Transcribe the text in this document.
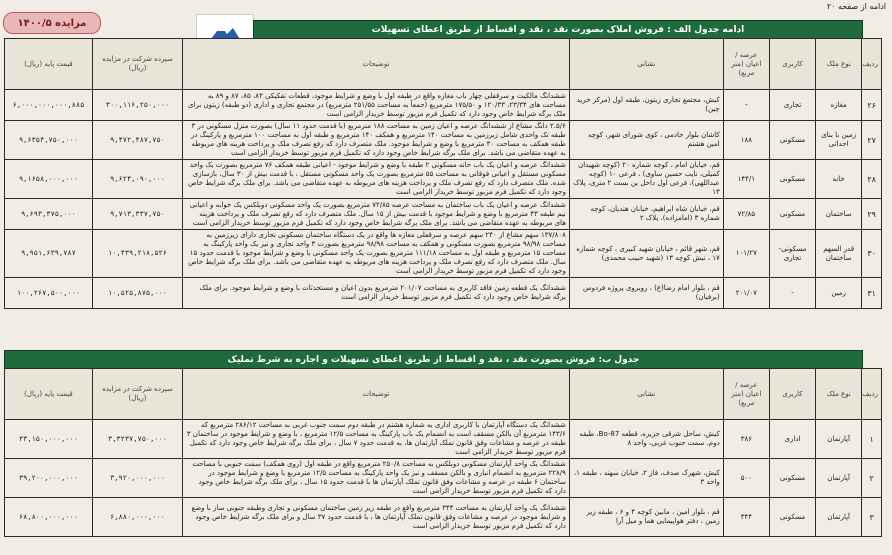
ادامه از صفحه ۲۰
مزایده ۱۴۰۰/۵
ادامه جدول الف : فروش املاک بصورت نقد ، نقد و اقساط از طریق اعطای تسهیلات
ردیف	نوع ملک	کاربری	عرصه / اعیان (متر مربع)	نشانی	توضیحات	سپرده شرکت در مزایده (ریال)	قیمت پایه (ریال)
۲۶	مغازه	تجاری	-	کیش، مجتمع تجاری زیتون، طبقه اول (مرکز خرید چین)	ششدانگ مالکیت و سرقفلی چهار باب مغازه واقع در طبقه اول با وضع و شرایط موجود، قطعات تفکیکی ۸۳، ۸۵، ۸۷ و ۸۹ به مساحت های ۲۳/۳۴، ۱۲۰/۳۳ و ۱۷۵/۵۰ مترمربع (جمعاً به مساحت ۲۵۱/۵۵ مترمربع) در مجتمع تجاری و اداری (دو طبقه) زیتون برای ملک برگه شرایط خاص وجود دارد که تکمیل فرم مزبور توسط خریدار الزامی است	۳۰۰,۱۱۶,۲۵۰,۰۰۰	۶,۰۰۰,۰۰۰,۰۰۰,۸۸۵
۲۷	زمین با بنای احداثی	مسکونی	۱۸۸	کاشان بلوار خادمی ، کوی شورای شهر، کوچه امین هشتم	۲.۵/۶ دانگ مشاع از ششدانگ عرصه و اعیان زمین به مساحت ۱۸۸ مترمربع (با قدمت حدود ۱۱ سال) بصورت منزل مسکونی در ۳ طبقه تک واحدی شامل زیرزمین به مساحت ۱۴۰ مترمربع و همکف ۱۴۰ مترمربع و طبقه اول به مساحت ۱۰۰ مترمربع و پارکینگ در طبقه همکف به مساحت ۳۰ مترمربع با وضع و شرایط موجود. ملک متصرف دارد که رفع تصرف ملک و پرداخت هزینه های مربوطه به عهده متقاضی می باشد. برای ملک برگه شرایط خاص وجود دارد که تکمیل فرم مزبور توسط خریدار الزامی است	۹,۴۷۲,۴۸۷,۷۵۰	۹,۶۳۵۴,۷۵۰,۰۰۰
۲۸	خانه	مسکونی	۱۴۴/۱	قم، خیابان امام ، کوچه شماره ۲۰ (کوچه شهیدان کمیلی، نایب حسین ساوی) ، فرعی ۱۰ (کوچه عبداللهی)، فرعی اول داخل بن بست ۲ متری، پلاک ۱۳	ششدانگ عرصه و اعیان یک باب خانه مسکونی ۲ طبقه با وضع و شرایط موجود - اعیانی طبقه همکف ۷۶ مترمربع بصورت یک واحد مسکونی مستقل و اعیانی فوقانی به مساحت ۵۵ مترمربع بصورت یک واحد مسکونی مستقل ، با قدمت بیش از ۳۰ سال، بازسازی شده. ملک متصرف دارد که رفع تصرف ملک و پرداخت هزینه های مربوطه به عهده متقاضی می باشد. برای ملک برگه شرایط خاص وجود دارد که تکمیل فرم مزبور توسط خریدار الزامی است	۹,۶۲۴,۰۹۰,۰۰۰	۹,۱۶۵۸,۰۰۰,۰۰۰
۲۹	ساختمان	مسکونی	۷۲/۸۵	قم، خیابان شاه ابراهیم، خیابان هندیان، کوچه شماره ۳ (امامزاده)، پلاک ۲	ششدانگ عرصه و اعیان یک باب ساختمان به مساحت عرصه ۷۲/۸۵ مترمربع بصورت یک واحد مسکونی دوبلکس یک خوابه و اعیانی نیم طبقه ۴۳ مترمربع با وضع و شرایط موجود با قدمت بیش از ۱۵ سال. ملک متصرف دارد که رفع تصرف ملک و پرداخت هزینه های مربوطه به عهده متقاضی می باشد. برای ملک برگه شرایط خاص وجود دارد که تکمیل فرم مزبور توسط خریدار الزامی است	۹,۷۱۳,۳۳۷,۷۵۰	۹,۶۹۳,۳۷۵,۰۰۰
۳۰	قدر السهم ساختمان	مسکونی-تجاری	۱۰۱/۲۷	قم، شهر قائم ، خیابان شهید کبیری ، کوچه شماره ۱۷ ، نبش کوچه ۱۳ (شهید حبیب محمدی)	۱۳۷/۸۰۸ سهم مشاع از ۲۴۰ سهم عرصه و سرقفلی مغازه ها واقع در یک دستگاه ساختمان مسکونی تجاری دارای زیرزمین به مساحت ۹۸/۹۸ مترمربع بصورت مسکونی و همکف به مساحت ۹۸/۹۸ مترمربع بصورت ۳ واحد تجاری و نیز یک واحد پارکینگ به مساحت ۱۵ مترمربع و طبقه اول به مساحت ۱۱۱/۱۸ مترمربع بصورت یک واحد مسکونی با وضع و شرایط موجود با قدمت حدود ۱۵ سال. ملک متصرف دارد که رفع تصرف ملک و پرداخت هزینه های مربوطه به عهده متقاضی می باشد. برای ملک برگه شرایط خاص وجود دارد که تکمیل فرم مزبور توسط خریدار الزامی است	۱۰,۴۳۹,۲۱۸,۵۲۶	۹,۹۵۱,۶۳۹,۷۸۷
۳۱	زمین	-	۲۰۱/۰۷	قم ، بلوار امام رضا(ع) ، روبروی پروژه فردوس (برفیان)	ششدانگ یک قطعه زمین فاقد کاربری به مساحت ۲۰۱/۰۷ مترمربع بدون اعیان و مستحدثات با وضع و شرایط موجود. برای ملک برگه شرایط خاص وجود دارد که تکمیل فرم مزبور توسط خریدار الزامی است	۱۰,۵۲۵,۸۷۵,۰۰۰	۱۰۰,۲۶۷,۵۰۰,۰۰۰
جدول ب: فروش بصورت نقد ، نقد و اقساط از طریق اعطای تسهیلات و اجاره به شرط تملیک
ردیف	نوع ملک	کاربری	عرصه / اعیان (متر مربع)	نشانی	توضیحات	سپرده شرکت در مزایده (ریال)	قیمت پایه (ریال)
۱	آپارتمان	اداری	۳۸۶	کیش، ساحل شرقی جزیره، قطعه Bo-87، طبقه دوم، سمت جنوب غربی، واحد ۸	ششدانگ یک دستگاه آپارتمان با کاربری اداری به شماره هشتم در طبقه دوم سمت جنوب غربی به مساحت ۲۸۶/۱۲ مترمربع که ۱۴۳/۶ مترمربع آن بالکن مسقف است به انضمام یک باب پارکینگ به مساحت ۱۲/۵ مترمربع ، با وضع و شرایط موجود در ساختمان ۳ طبقه در عرصه و مشاعات وفق قانون تملک آپارتمان ها، به قدمت حدود ۷ سال ، برای ملک برگه شرایط خاص وجود دارد که تکمیل فرم مزبور توسط خریدار الزامی است	۳,۳۲۳۷,۷۵۰,۰۰۰	۳۳,۱۵۰,۰۰۰,۰۰۰
۲	آپارتمان	مسکونی	۵۰۰	کیش، شهرک صدف، فاز ۲، خیابان سهند ، طبقه ۱، واحد ۳	ششدانگ یک واحد آپارتمان مسکونی دوبلکس به مساحت ۲۵۰/۸ مترمربع واقع در طبقه اول (روی همکف) سمت جنوبی با مساحت ۲۲۸/۹ مترمربع به انضمام انباری و بالکن مسقف و نیز یک واحد پارکینگ به مساحت ۱۲/۵ مترمربع با وضع و شرایط موجود در ساختمان ۶ طبقه در عرصه و مشاعات وفق قانون تملک آپارتمان ها با قدمت حدود ۱۵ سال ، برای ملک برگه شرایط خاص وجود دارد که تکمیل فرم مزبور توسط خریدار الزامی است	۳,۹۲۰,۰۰۰,۰۰۰	۳۹,۲۰۰,۰۰۰,۰۰۰
۳	آپارتمان	مسکونی	۳۴۴	قم ، بلوار امین ، مابین کوچه ۴ و ۶ ، طبقه زیر زمین ، دفتر هواپیمایی هما و میل آرا	ششدانگ یک واحد آپارتمان به مساحت ۳۴۴ مترمربع واقع در طبقه زیر زمین ساختمان مسکونی و تجاری وطبقه جنوبی ساز با وضع و شرایط موجود در عرصه و مشاعات وفق قانون تملک آپارتمان ها ، با قدمت حدود ۳۷ سال و برای ملک برگه شرایط خاص وجود دارد که تکمیل فرم مزبور توسط خریدار الزامی است	۶,۸۸۰,۰۰۰,۰۰۰	۶۸,۸۰۰,۰۰۰,۰۰۰
